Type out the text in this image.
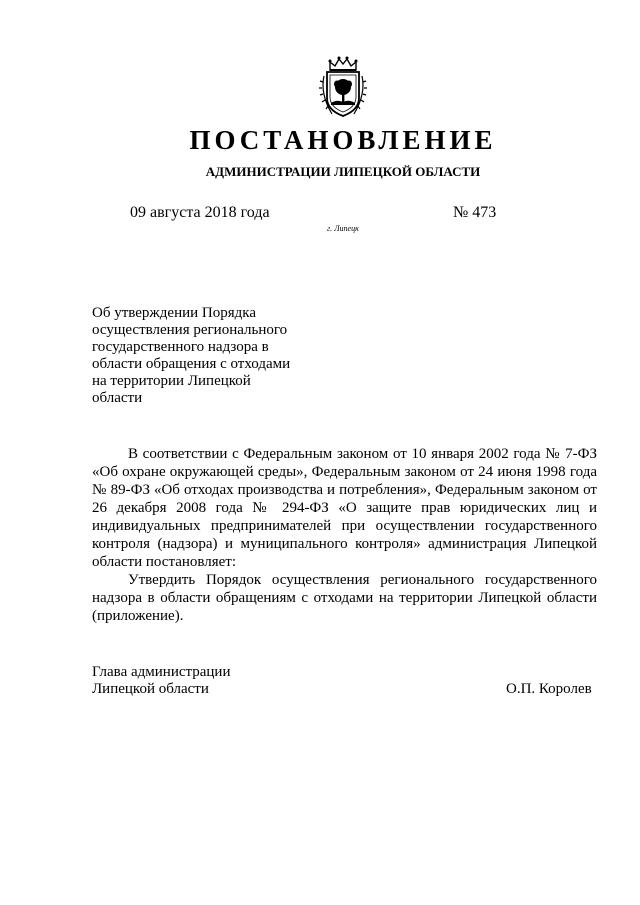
ПОСТАНОВЛЕНИЕ
АДМИНИСТРАЦИИ ЛИПЕЦКОЙ ОБЛАСТИ
09 августа 2018 года	№ 473
г. Липецк
Об утверждении Порядка
осуществления регионального
государственного надзора в
области обращения с отходами
на территории Липецкой
области

В соответствии с Федеральным законом от 10 января 2002 года № 7-ФЗ «Об охране окружающей среды», Федеральным законом от 24 июня 1998 года № 89-ФЗ «Об отходах производства и потребления», Федеральным законом от 26 декабря 2008 года № 294-ФЗ «О защите прав юридических лиц и индивидуальных предпринимателей при осуществлении государственного контроля (надзора) и муниципального контроля» администрация Липецкой области постановляет:

Утвердить Порядок осуществления регионального государственного надзора в области обращениям с отходами на территории Липецкой области (приложение).

Глава администрации
Липецкой области	О.П. Королев
